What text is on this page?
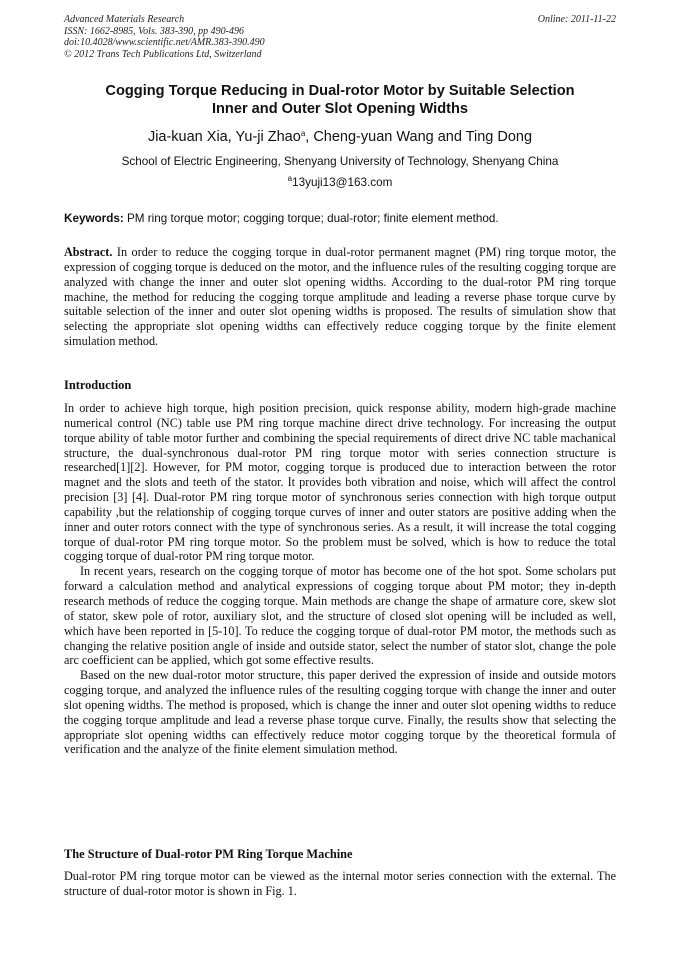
Advanced Materials Research
ISSN: 1662-8985, Vols. 383-390, pp 490-496
doi:10.4028/www.scientific.net/AMR.383-390.490
© 2012 Trans Tech Publications Ltd, Switzerland
Online: 2011-11-22
Cogging Torque Reducing in Dual-rotor Motor by Suitable Selection
Inner and Outer Slot Opening Widths
Jia-kuan Xia, Yu-ji Zhao$^a$, Cheng-yuan Wang and Ting Dong
School of Electric Engineering, Shenyang University of Technology, Shenyang China
$^a$13yuji13@163.com
Keywords: PM ring torque motor; cogging torque; dual-rotor; finite element method.

Abstract. In order to reduce the cogging torque in dual-rotor permanent magnet (PM) ring torque motor, the expression of cogging torque is deduced on the motor, and the influence rules of the resulting cogging torque are analyzed with change the inner and outer slot opening widths. According to the dual-rotor PM ring torque machine, the method for reducing the cogging torque amplitude and leading a reverse phase torque curve by suitable selection of the inner and outer slot opening widths is proposed. The results of simulation show that selecting the appropriate slot opening widths can effectively reduce cogging torque by the finite element simulation method.

Introduction

In order to achieve high torque, high position precision, quick response ability, modern high-grade machine numerical control (NC) table use PM ring torque machine direct drive technology. For increasing the output torque ability of table motor further and combining the special requirements of direct drive NC table machanical structure, the dual-synchronous dual-rotor PM ring torque motor with series connection structure is researched[1][2]. However, for PM motor, cogging torque is produced due to interaction between the rotor magnet and the slots and teeth of the stator. It provides both vibration and noise, which will affect the control precision [3] [4]. Dual-rotor PM ring torque motor of synchronous series connection with high torque output capability ,but the relationship of cogging torque curves of inner and outer stators are positive adding when the inner and outer rotors connect with the type of synchronous series. As a result, it will increase the total cogging torque of dual-rotor PM ring torque motor. So the problem must be solved, which is how to reduce the total cogging torque of dual-rotor PM ring torque motor.

In recent years, research on the cogging torque of motor has become one of the hot spot. Some scholars put forward a calculation method and analytical expressions of cogging torque about PM motor; they in-depth research methods of reduce the cogging torque. Main methods are change the shape of armature core, skew slot of stator, skew pole of rotor, auxiliary slot, and the structure of closed slot opening will be included as well, which have been reported in [5-10]. To reduce the cogging torque of dual-rotor PM motor, the methods such as changing the relative position angle of inside and outside stator, select the number of stator slot, change the pole arc coefficient can be applied, which got some effective results.

Based on the new dual-rotor motor structure, this paper derived the expression of inside and outside motors cogging torque, and analyzed the influence rules of the resulting cogging torque with change the inner and outer slot opening widths. The method is proposed, which is change the inner and outer slot opening widths to reduce the cogging torque amplitude and lead a reverse phase torque curve. Finally, the results show that selecting the appropriate slot opening widths can effectively reduce motor cogging torque by the theoretical formula of verification and the analyze of the finite element simulation method.

The Structure of Dual-rotor PM Ring Torque Machine

Dual-rotor PM ring torque motor can be viewed as the internal motor series connection with the external. The structure of dual-rotor motor is shown in Fig. 1.
